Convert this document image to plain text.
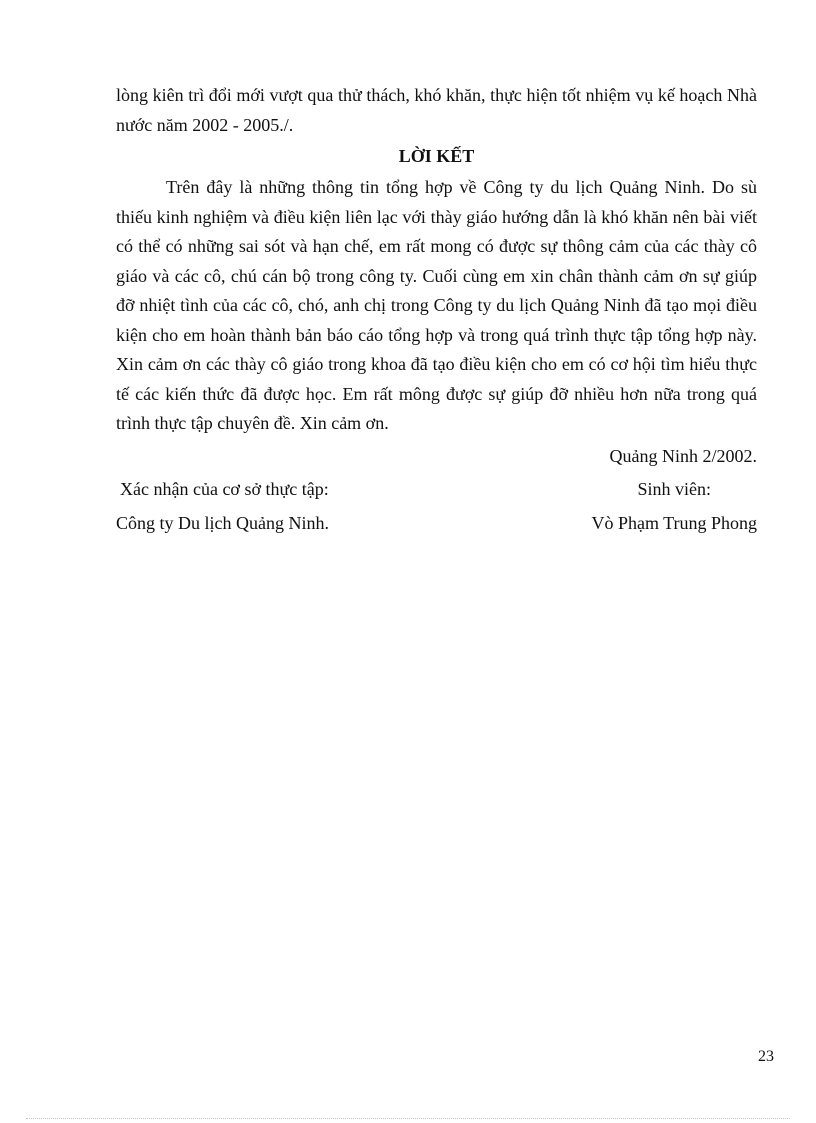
lòng kiên trì đổi mới vượt qua thử thách, khó khăn, thực hiện tốt nhiệm vụ kế hoạch Nhà nước năm 2002 - 2005./.

LỜI KẾT

Trên đây là những thông tin tổng hợp về Công ty du lịch Quảng Ninh. Do sù thiếu kinh nghiệm và điều kiện liên lạc với thày giáo hướng dẫn là khó khăn nên bài viết có thể có những sai sót và hạn chế, em rất mong có được sự thông cảm của các thày cô giáo và các cô, chú cán bộ trong công ty. Cuối cùng em xin chân thành cảm ơn sự giúp đỡ nhiệt tình của các cô, chó, anh chị trong Công ty du lịch Quảng Ninh đã tạo mọi điều kiện cho em hoàn thành bản báo cáo tổng hợp và trong quá trình thực tập tổng hợp này. Xin cảm ơn các thày cô giáo trong khoa đã tạo điều kiện cho em có cơ hội tìm hiểu thực tế các kiến thức đã được học. Em rất mông được sự giúp đỡ nhiều hơn nữa trong quá trình thực tập chuyên đề. Xin cảm ơn.

Quảng Ninh 2/2002.
Xác nhận của cơ sở thực tập:	Sinh viên:
Công ty Du lịch Quảng Ninh.	Vò Phạm Trung Phong
23
